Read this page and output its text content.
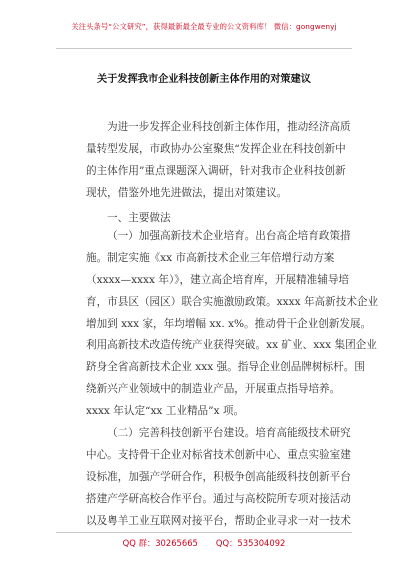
关注头条号“公文研究”，获得最新最全最专业的公文资料库！ 微信：gongwenyj
关于发挥我市企业科技创新主体作用的对策建议
为进一步发挥企业科技创新主体作用，推动经济高质
量转型发展，市政协办公室聚焦“发挥企业在科技创新中
的主体作用”重点课题深入调研，针对我市企业科技创新
现状，借鉴外地先进做法，提出对策建议。
一、主要做法
（一）加强高新技术企业培育。出台高企培育政策措
施。制定实施《xx 市高新技术企业三年倍增行动方案
（xxxx—xxxx 年）》，建立高企培育库，开展精准辅导培
育，市县区（园区）联合实施激励政策。xxxx 年高新技术企业
增加到 xxx 家，年均增幅 xx. x%。推动骨干企业创新发展。
利用高新技术改造传统产业获得突破。xx 矿业、xxx 集团企业
跻身全省高新技术企业 xxx 强。指导企业创品牌树标杆。围
绕新兴产业领域中的制造业产品，开展重点指导培养。
xxxx 年认定“xx 工业精品”x 项。
（二）完善科技创新平台建设。培育高能级技术研究
中心。支持骨干企业对标省技术创新中心、重点实验室建
设标准，加强产学研合作，积极争创高能级科技创新平台
搭建产学研高校合作平台。通过与高校院所专项对接活动
以及粤羊工业互联网对接平台，帮助企业寻求一对一技术
QQ 群：30265665 QQ：535304092
